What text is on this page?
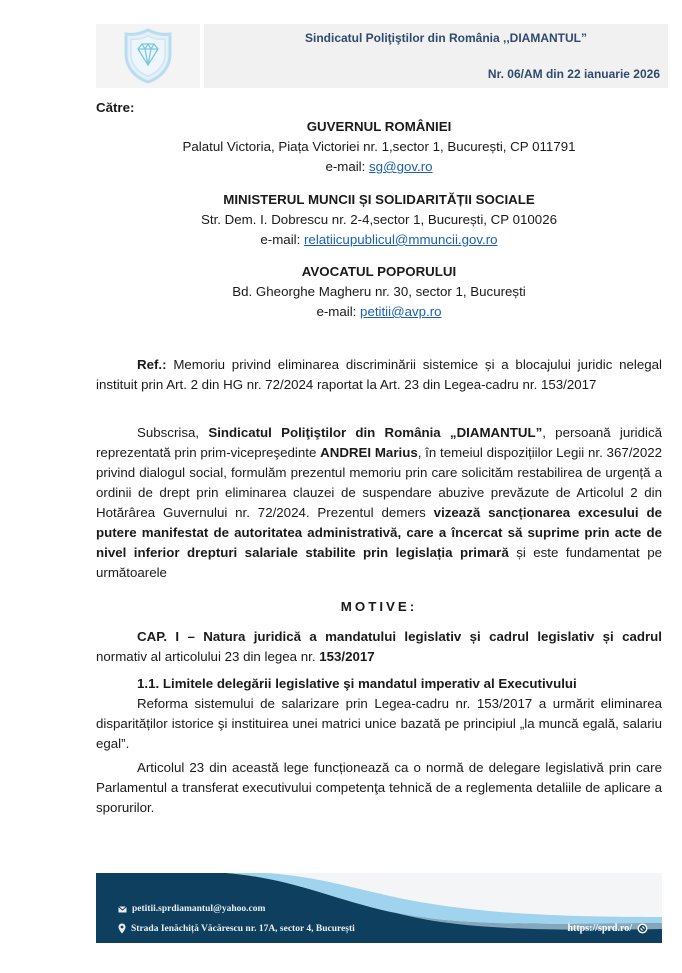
Sindicatul Poliţiştilor din România ,,DIAMANTUL”
Nr. 06/AM din 22 ianuarie 2026
Către:
GUVERNUL ROMÂNIEI
Palatul Victoria, Piața Victoriei nr. 1,sector 1, București, CP 011791
e-mail: sg@gov.ro
MINISTERUL MUNCII ȘI SOLIDARITĂȚII SOCIALE
Str. Dem. I. Dobrescu nr. 2-4,sector 1, București, CP 010026
e-mail: relatiicupublicul@mmuncii.gov.ro
AVOCATUL POPORULUI
Bd. Gheorghe Magheru nr. 30, sector 1, București
e-mail: petitii@avp.ro
Ref.: Memoriu privind eliminarea discriminării sistemice și a blocajului juridic nelegal instituit prin Art. 2 din HG nr. 72/2024 raportat la Art. 23 din Legea-cadru nr. 153/2017
Subscrisa, Sindicatul Poliţiştilor din România „DIAMANTUL”, persoană juridică reprezentată prin prim-vicepreşedinte ANDREI Marius, în temeiul dispozițiilor Legii nr. 367/2022 privind dialogul social, formulăm prezentul memoriu prin care solicităm restabilirea de urgență a ordinii de drept prin eliminarea clauzei de suspendare abuzive prevăzute de Articolul 2 din Hotărârea Guvernului nr. 72/2024. Prezentul demers vizează sancționarea excesului de putere manifestat de autoritatea administrativă, care a încercat să suprime prin acte de nivel inferior drepturi salariale stabilite prin legislația primară și este fundamentat pe următoarele
MOTIVE:
CAP. I – Natura juridică a mandatului legislativ și cadrul legislativ și cadrul
normativ al articolului 23 din legea nr. 153/2017
1.1. Limitele delegării legislative şi mandatul imperativ al Executivului
Reforma sistemului de salarizare prin Legea-cadru nr. 153/2017 a urmărit eliminarea disparităților istorice şi instituirea unei matrici unice bazată pe principiul „la muncă egală, salariu egal”.
Articolul 23 din această lege funcționează ca o normă de delegare legislativă prin care Parlamentul a transferat executivului competenţa tehnică de a reglementa detaliile de aplicare a sporurilor.
petitii.sprdiamantul@yahoo.com
Strada Ienăchiță Văcărescu nr. 17A, sector 4, București	https://sprd.ro/
